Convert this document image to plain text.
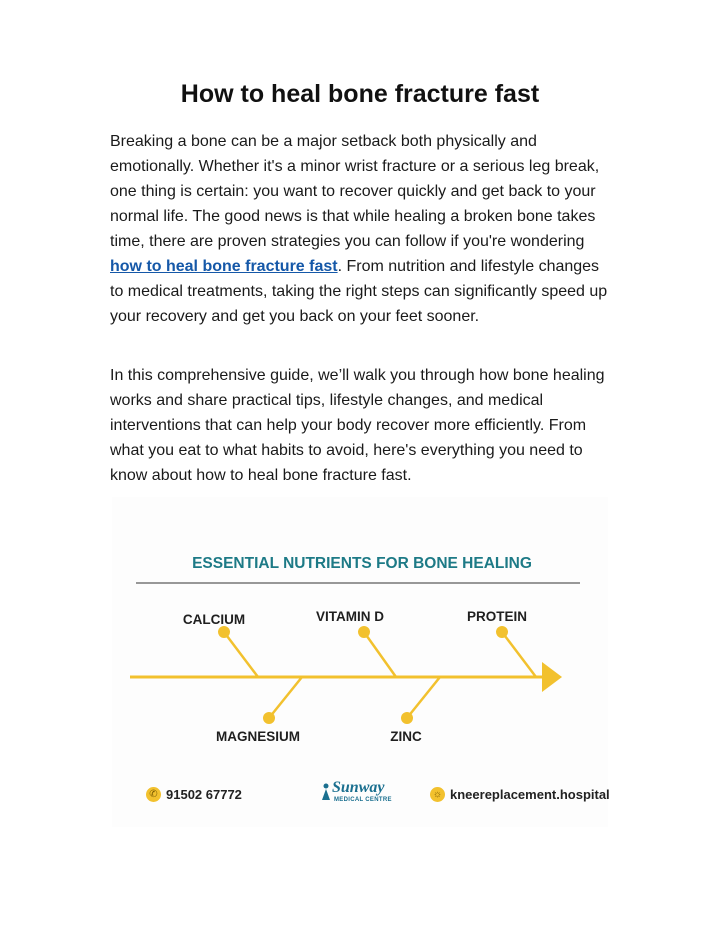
How to heal bone fracture fast

Breaking a bone can be a major setback both physically and emotionally. Whether it's a minor wrist fracture or a serious leg break, one thing is certain: you want to recover quickly and get back to your normal life. The good news is that while healing a broken bone takes time, there are proven strategies you can follow if you're wondering how to heal bone fracture fast. From nutrition and lifestyle changes to medical treatments, taking the right steps can significantly speed up your recovery and get you back on your feet sooner.

In this comprehensive guide, we’ll walk you through how bone healing works and share practical tips, lifestyle changes, and medical interventions that can help your body recover more efficiently. From what you eat to what habits to avoid, here's everything you need to know about how to heal bone fracture fast.

ESSENTIAL NUTRIENTS FOR BONE HEALING
CALCIUM	VITAMIN D	PROTEIN
MAGNESIUM	ZINC
✆ 91502 67772	Sunway
MEDICAL CENTRE	☼ kneereplacement.hospital
